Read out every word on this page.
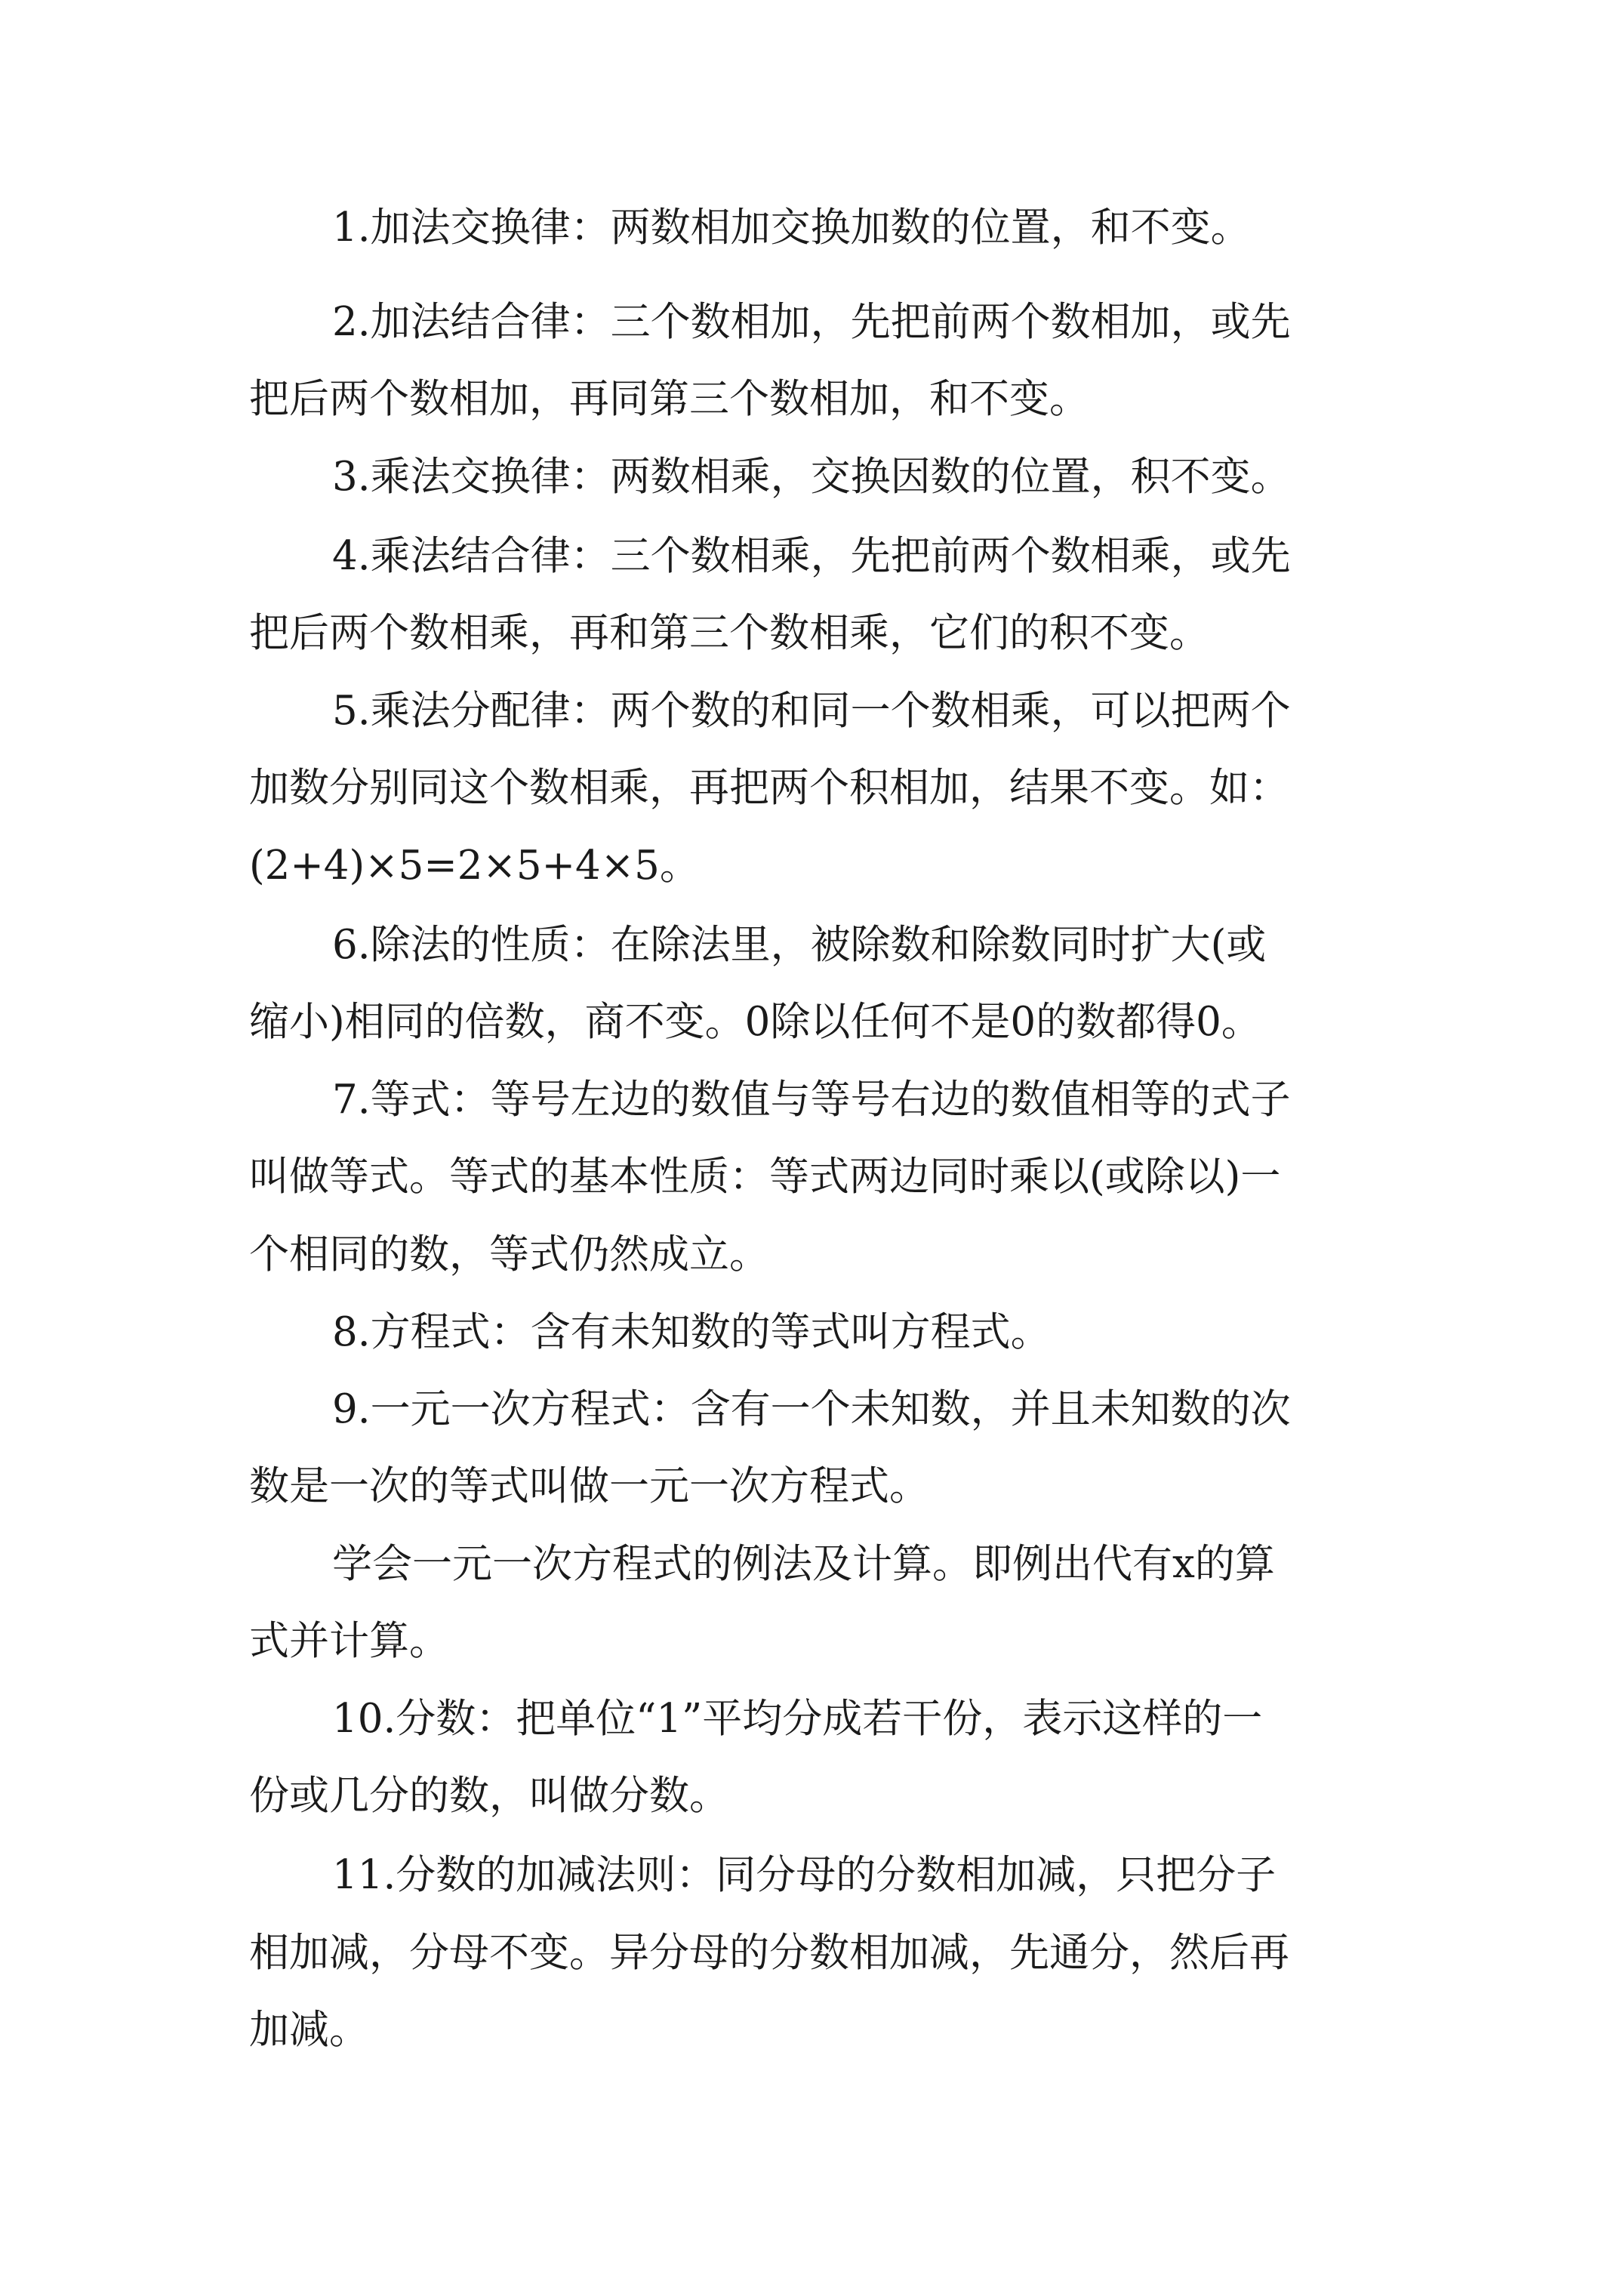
1.加法交换律：两数相加交换加数的位置，和不变。
2.加法结合律：三个数相加，先把前两个数相加，或先
把后两个数相加，再同第三个数相加，和不变。
3.乘法交换律：两数相乘，交换因数的位置，积不变。
4.乘法结合律：三个数相乘，先把前两个数相乘，或先
把后两个数相乘，再和第三个数相乘，它们的积不变。
5.乘法分配律：两个数的和同一个数相乘，可以把两个
加数分别同这个数相乘，再把两个积相加，结果不变。如：
(2+4)×5=2×5+4×5。
6.除法的性质：在除法里，被除数和除数同时扩大(或
缩小)相同的倍数，商不变。0除以任何不是0的数都得0。
7.等式：等号左边的数值与等号右边的数值相等的式子
叫做等式。等式的基本性质：等式两边同时乘以(或除以)一
个相同的数，等式仍然成立。
8.方程式：含有未知数的等式叫方程式。
9.一元一次方程式：含有一个未知数，并且未知数的次
数是一次的等式叫做一元一次方程式。
学会一元一次方程式的例法及计算。即例出代有x的算
式并计算。
10.分数：把单位“1”平均分成若干份，表示这样的一
份或几分的数，叫做分数。
11.分数的加减法则：同分母的分数相加减，只把分子
相加减，分母不变。异分母的分数相加减，先通分，然后再
加减。
